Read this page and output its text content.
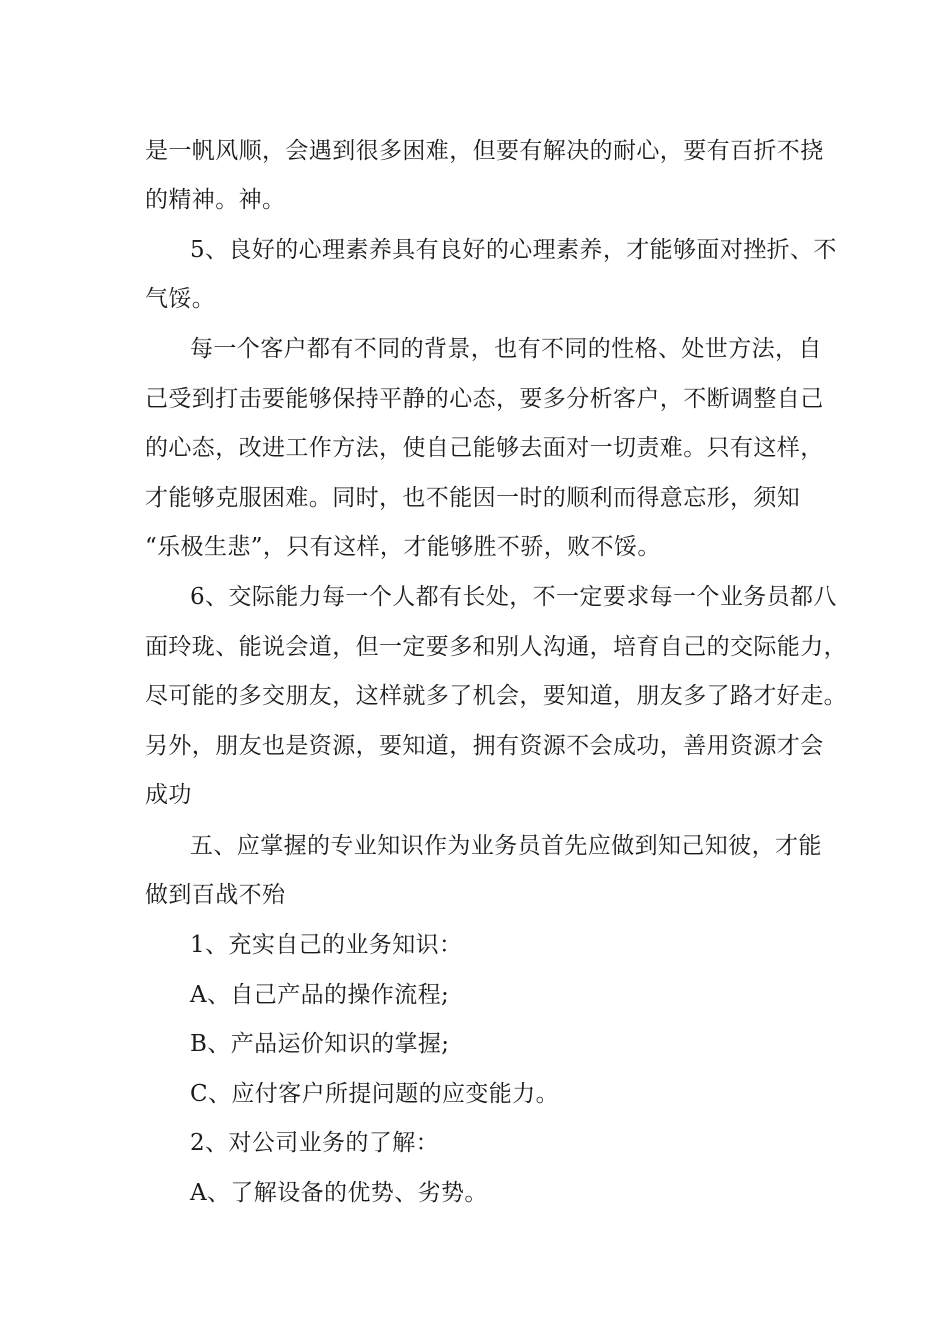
是一帆风顺，会遇到很多困难，但要有解决的耐心，要有百折不挠
的精神。神。
5、良好的心理素养具有良好的心理素养，才能够面对挫折、不
气馁。
每一个客户都有不同的背景，也有不同的性格、处世方法，自
己受到打击要能够保持平静的心态，要多分析客户，不断调整自己
的心态，改进工作方法，使自己能够去面对一切责难。只有这样，
才能够克服困难。同时，也不能因一时的顺利而得意忘形，须知
“乐极生悲”，只有这样，才能够胜不骄，败不馁。
6、交际能力每一个人都有长处，不一定要求每一个业务员都八
面玲珑、能说会道，但一定要多和别人沟通，培育自己的交际能力，
尽可能的多交朋友，这样就多了机会，要知道，朋友多了路才好走。
另外，朋友也是资源，要知道，拥有资源不会成功，善用资源才会
成功
五、应掌握的专业知识作为业务员首先应做到知己知彼，才能
做到百战不殆
1、充实自己的业务知识：
A、自己产品的操作流程;
B、产品运价知识的掌握;
C、应付客户所提问题的应变能力。
2、对公司业务的了解：
A、了解设备的优势、劣势。
